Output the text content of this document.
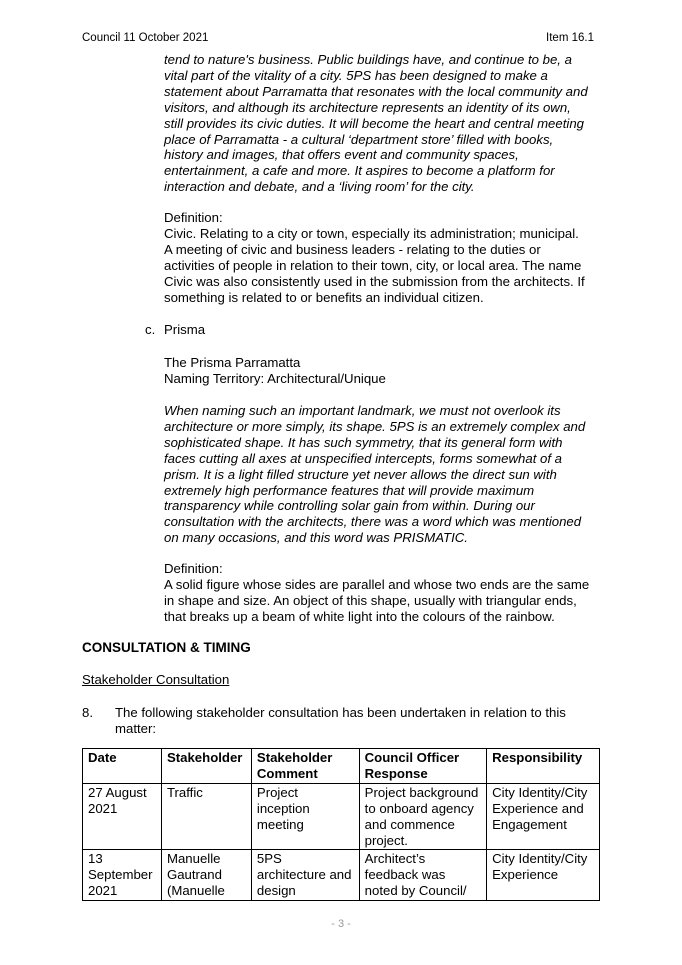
Council 11 October 2021	Item 16.1
tend to nature's business. Public buildings have, and continue to be, a
vital part of the vitality of a city. 5PS has been designed to make a
statement about Parramatta that resonates with the local community and
visitors, and although its architecture represents an identity of its own,
still provides its civic duties. It will become the heart and central meeting
place of Parramatta - a cultural ‘department store’ filled with books,
history and images, that offers event and community spaces,
entertainment, a cafe and more. It aspires to become a platform for
interaction and debate, and a ‘living room’ for the city.
Definition:
Civic. Relating to a city or town, especially its administration; municipal.
A meeting of civic and business leaders - relating to the duties or
activities of people in relation to their town, city, or local area. The name
Civic was also consistently used in the submission from the architects. If
something is related to or benefits an individual citizen.
c. Prisma
The Prisma Parramatta
Naming Territory: Architectural/Unique
When naming such an important landmark, we must not overlook its
architecture or more simply, its shape. 5PS is an extremely complex and
sophisticated shape. It has such symmetry, that its general form with
faces cutting all axes at unspecified intercepts, forms somewhat of a
prism. It is a light filled structure yet never allows the direct sun with
extremely high performance features that will provide maximum
transparency while controlling solar gain from within. During our
consultation with the architects, there was a word which was mentioned
on many occasions, and this word was PRISMATIC.
Definition:
A solid figure whose sides are parallel and whose two ends are the same
in shape and size. An object of this shape, usually with triangular ends,
that breaks up a beam of white light into the colours of the rainbow.
CONSULTATION & TIMING
Stakeholder Consultation
8. The following stakeholder consultation has been undertaken in relation to this matter:
Date	Stakeholder	Stakeholder Comment	Council Officer Response	Responsibility
27 August 2021	Traffic	Project inception meeting	Project background to onboard agency and commence project.	City Identity/City Experience and Engagement
13 September 2021	Manuelle Gautrand (Manuelle	5PS architecture and design	Architect’s feedback was noted by Council/	City Identity/City Experience
- 3 -
